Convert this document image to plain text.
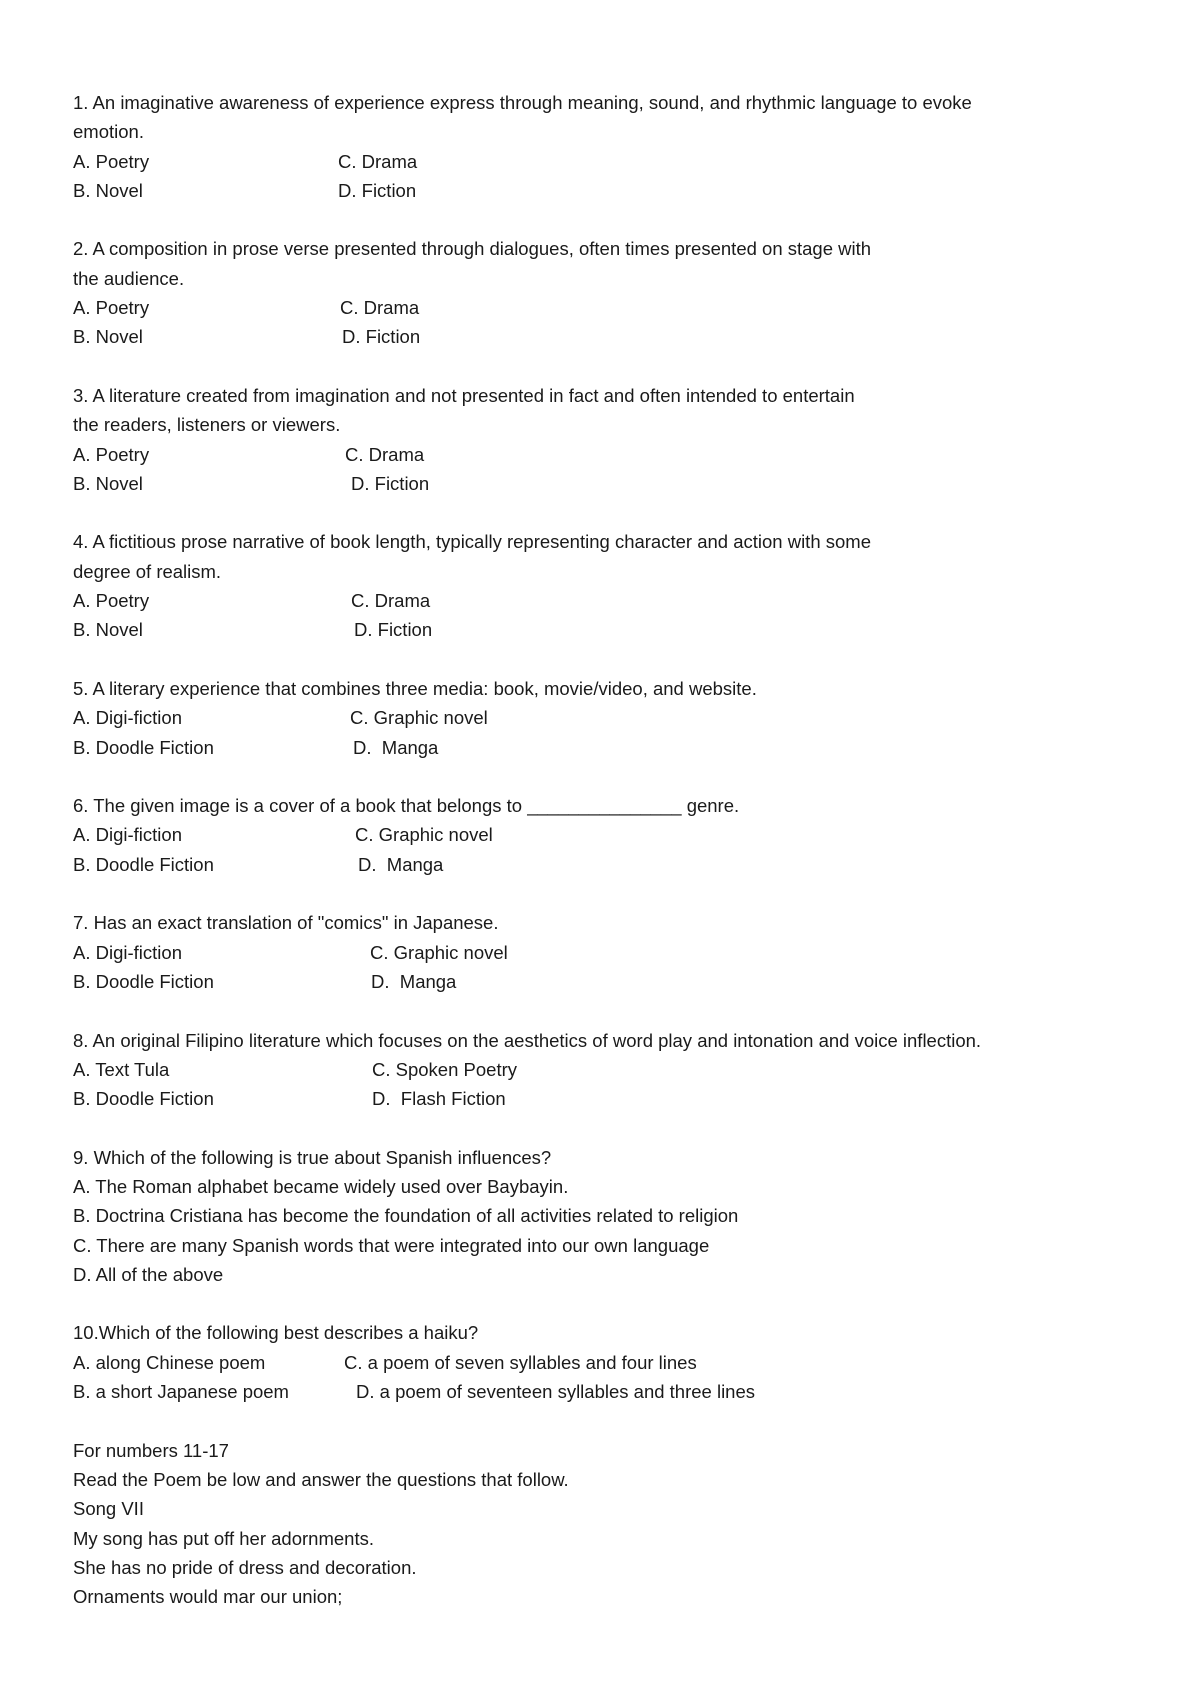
1. An imaginative awareness of experience express through meaning, sound, and rhythmic language to evoke
emotion.
A. Poetry	C. Drama
B. Novel	D. Fiction
2. A composition in prose verse presented through dialogues, often times presented on stage with
the audience.
A. Poetry	C. Drama
B. Novel	D. Fiction
3. A literature created from imagination and not presented in fact and often intended to entertain
the readers, listeners or viewers.
A. Poetry	C. Drama
B. Novel	D. Fiction
4. A fictitious prose narrative of book length, typically representing character and action with some
degree of realism.
A. Poetry	C. Drama
B. Novel	D. Fiction
5. A literary experience that combines three media: book, movie/video, and website.
A. Digi-fiction	C. Graphic novel
B. Doodle Fiction	D.  Manga
6. The given image is a cover of a book that belongs to _______________ genre.
A. Digi-fiction	C. Graphic novel
B. Doodle Fiction	D.  Manga
7. Has an exact translation of "comics" in Japanese.
A. Digi-fiction	C. Graphic novel
B. Doodle Fiction	D.  Manga
8. An original Filipino literature which focuses on the aesthetics of word play and intonation and voice inflection.
A. Text Tula	C. Spoken Poetry
B. Doodle Fiction	D.  Flash Fiction
9. Which of the following is true about Spanish influences?
A. The Roman alphabet became widely used over Baybayin.
B. Doctrina Cristiana has become the foundation of all activities related to religion
C. There are many Spanish words that were integrated into our own language
D. All of the above
10.Which of the following best describes a haiku?
A. along Chinese poem	C. a poem of seven syllables and four lines
B. a short Japanese poem	D. a poem of seventeen syllables and three lines
For numbers 11-17
Read the Poem be low and answer the questions that follow.
Song VII
My song has put off her adornments.
She has no pride of dress and decoration.
Ornaments would mar our union;
